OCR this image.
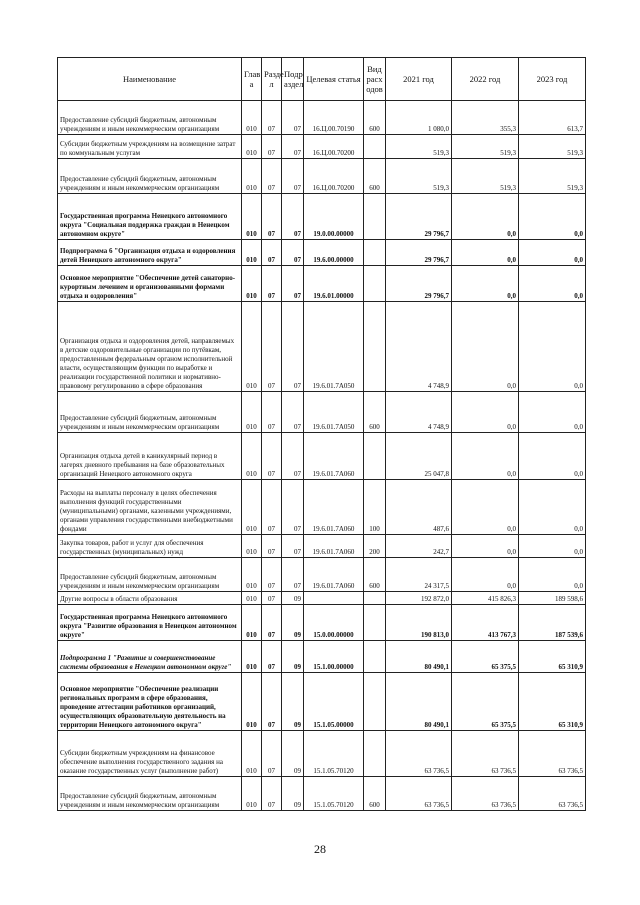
Наименование	Глав а	Разде л	Подр аздел	Целевая статья	Вид расх одов	2021 год	2022 год	2023 год
Предоставление субсидий бюджетным, автономным учреждениям и иным некоммерческим организациям	010	07	07	16.Ц.00.70190	600	1 080,0	355,3	613,7
Субсидии бюджетным учреждениям на возмещение затрат по коммунальным услугам	010	07	07	16.Ц.00.70200		519,3	519,3	519,3
Предоставление субсидий бюджетным, автономным учреждениям и иным некоммерческим организациям	010	07	07	16.Ц.00.70200	600	519,3	519,3	519,3
Государственная программа Ненецкого автономного округа "Социальная поддержка граждан в Ненецком автономном округе"	010	07	07	19.0.00.00000		29 796,7	0,0	0,0
Подпрограмма 6 "Организация отдыха и оздоровления детей Ненецкого автономного округа"	010	07	07	19.6.00.00000		29 796,7	0,0	0,0
Основное мероприятие "Обеспечение детей санаторно-курортным лечением и организованными формами отдыха и оздоровления"	010	07	07	19.6.01.00000		29 796,7	0,0	0,0
Организация отдыха и оздоровления детей, направляемых в детские оздоровительные организации по путёвкам, предоставленным федеральным органом исполнительной власти, осуществляющим функции по выработке и реализации государственной политики и нормативно-правовому регулированию в сфере образования	010	07	07	19.6.01.7А050		4 748,9	0,0	0,0
Предоставление субсидий бюджетным, автономным учреждениям и иным некоммерческим организациям	010	07	07	19.6.01.7А050	600	4 748,9	0,0	0,0
Организация отдыха детей в каникулярный период в лагерях дневного пребывания на базе образовательных организаций Ненецкого автономного округа	010	07	07	19.6.01.7А060		25 047,8	0,0	0,0
Расходы на выплаты персоналу в целях обеспечения выполнения функций государственными (муниципальными) органами, казенными учреждениями, органами управления государственными внебюджетными фондами	010	07	07	19.6.01.7А060	100	487,6	0,0	0,0
Закупка товаров, работ и услуг для обеспечения государственных (муниципальных) нужд	010	07	07	19.6.01.7А060	200	242,7	0,0	0,0
Предоставление субсидий бюджетным, автономным учреждениям и иным некоммерческим организациям	010	07	07	19.6.01.7А060	600	24 317,5	0,0	0,0
Другие вопросы в области образования	010	07	09			192 872,0	415 826,3	189 598,6
Государственная программа Ненецкого автономного округа "Развитие образования в Ненецком автономном округе"	010	07	09	15.0.00.00000		190 813,0	413 767,3	187 539,6
Подпрограмма 1 "Развитие и совершенствование системы образования в Ненецком автономном округе"	010	07	09	15.1.00.00000		80 490,1	65 375,5	65 310,9
Основное мероприятие "Обеспечение реализации региональных программ в сфере образования, проведение аттестации работников организаций, осуществляющих образовательную деятельность на территории Ненецкого автономного округа"	010	07	09	15.1.05.00000		80 490,1	65 375,5	65 310,9
Субсидии бюджетным учреждениям на финансовое обеспечение выполнения государственного задания на оказание государственных услуг (выполнение работ)	010	07	09	15.1.05.70120		63 736,5	63 736,5	63 736,5
Предоставление субсидий бюджетным, автономным учреждениям и иным некоммерческим организациям	010	07	09	15.1.05.70120	600	63 736,5	63 736,5	63 736,5
28
